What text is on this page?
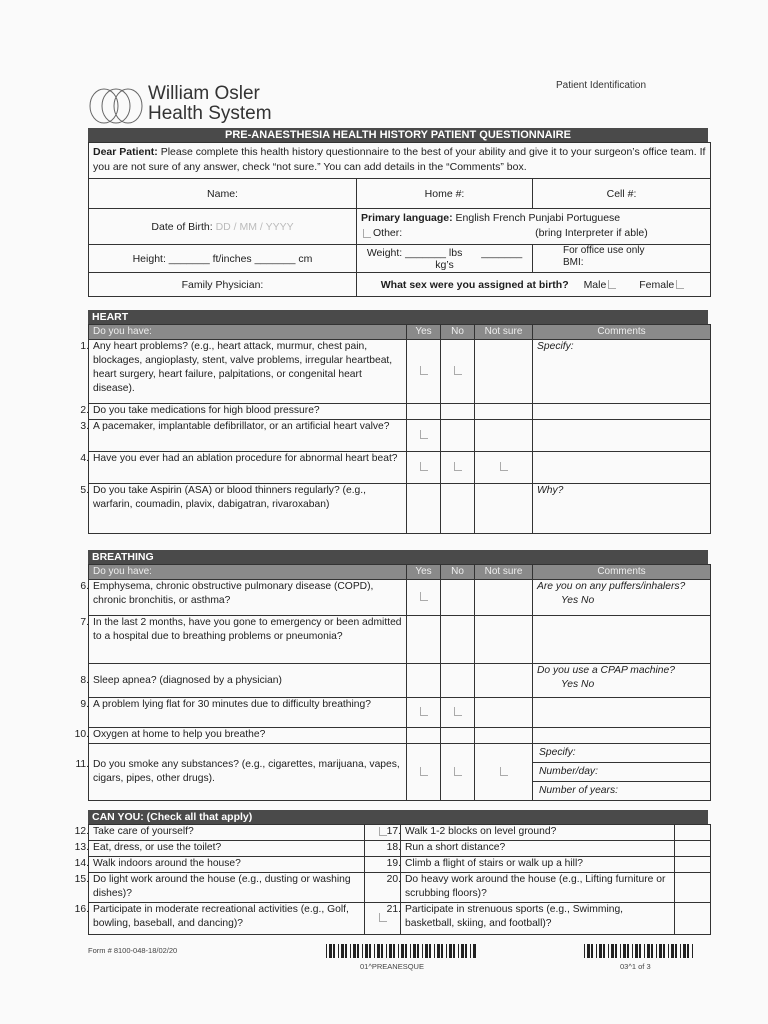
William Osler
Health System
Patient Identification
PRE-ANAESTHESIA HEALTH HISTORY PATIENT QUESTIONNAIRE
Dear Patient: Please complete this health history questionnaire to the best of your ability and give it to your surgeon’s office team. If you are not sure of any answer, check “not sure.” You can add details in the “Comments” box.		
Name:	Home #:	Cell #:
Date of Birth: DD / MM / YYYY	Primary language: English French Punjabi Portuguese
Other: (bring Interpreter if able)	
Height: _______ ft/inches _______ cm	Weight: _______ lbs _______ kg’s	For office use only
BMI:
Family Physician:	What sex were you assigned at birth? Male Female	
HEART
Do you have:	Yes	No	Not sure	Comments
1. Any heart problems? (e.g., heart attack, murmur, chest pain, blockages, angioplasty, stent, valve problems, irregular heartbeat, heart surgery, heart failure, palpitations, or congenital heart disease).				Specify:
2. Do you take medications for high blood pressure?				
3. A pacemaker, implantable defibrillator, or an artificial heart valve?				
4. Have you ever had an ablation procedure for abnormal heart beat?				
5. Do you take Aspirin (ASA) or blood thinners regularly? (e.g., warfarin, coumadin, plavix, dabigatran, rivaroxaban)				Why?
BREATHING
Do you have:	Yes	No	Not sure	Comments
6. Emphysema, chronic obstructive pulmonary disease (COPD), chronic bronchitis, or asthma?				Are you on any puffers/inhalers?
Yes No
7. In the last 2 months, have you gone to emergency or been admitted to a hospital due to breathing problems or pneumonia?				
8. Sleep apnea? (diagnosed by a physician)				Do you use a CPAP machine?
Yes No
9. A problem lying flat for 30 minutes due to difficulty breathing?				
10. Oxygen at home to help you breathe?				
11. Do you smoke any substances? (e.g., cigarettes, marijuana, vapes, cigars, pipes, other drugs).				Specify:
Number/day:
Number of years:
CAN YOU: (Check all that apply)
12. Take care of yourself?		17. Walk 1-2 blocks on level ground?	
13. Eat, dress, or use the toilet?		18. Run a short distance?	
14. Walk indoors around the house?		19. Climb a flight of stairs or walk up a hill?	
15. Do light work around the house (e.g., dusting or washing dishes)?		20. Do heavy work around the house (e.g., Lifting furniture or scrubbing floors)?	
16. Participate in moderate recreational activities (e.g., Golf, bowling, baseball, and dancing)?		21. Participate in strenuous sports (e.g., Swimming, basketball, skiing, and football)?	
Form # 8100-048-18/02/20
01^PREANESQUE	03^1 of 3
